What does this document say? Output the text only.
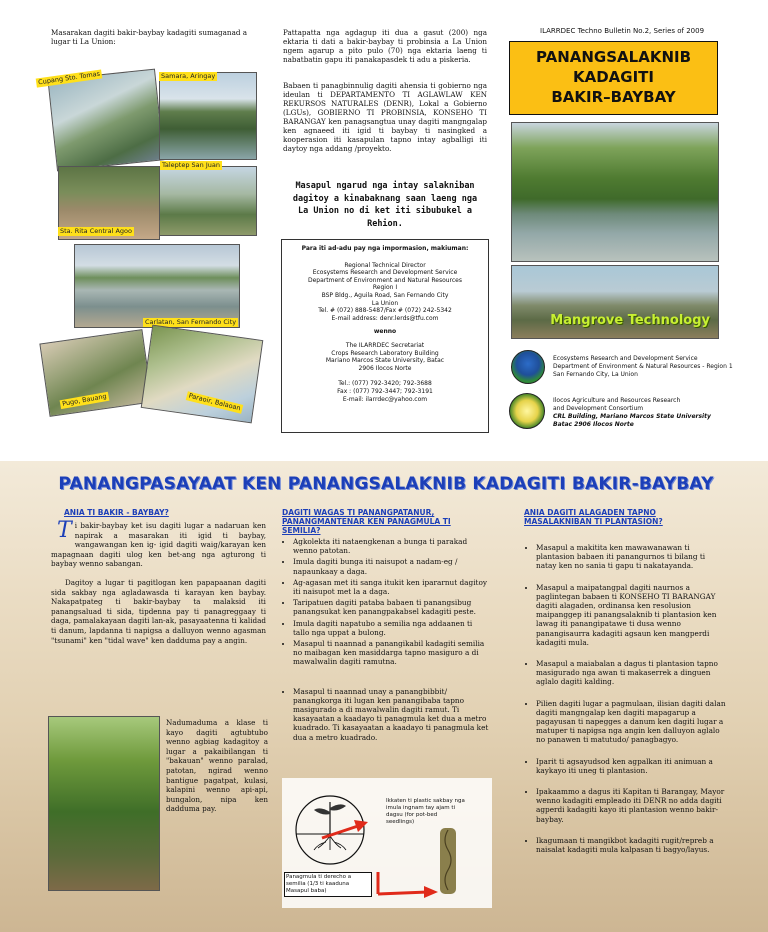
Masarakan dagiti bakir-baybay kadagiti sumaganad a lugar ti La Union:
Cupang Sto. Tomas	Samara, Aringay
Taleptep San Juan
Sta. Rita Central Agoo
Carlatan, San Fernando City
Pugo, Bauang	Paraoir, Balaoan
Pattapatta nga agdagup iti dua a gasut (200) nga ektaria ti dati a bakir-baybay ti probinsia a La Union ngem agarup a pito pulo (70) nga ektaria laeng ti nabatbatin gapu iti panakapasdek ti adu a piskeria.
Babaen ti panagbinnulig dagiti ahensia ti gobierno nga ideulan ti DEPARTAMENTO TI AGLAWLAW KEN REKURSOS NATURALES (DENR), Lokal a Gobierno (LGUs), GOBIERNO TI PROBINSIA, KONSEHO TI BARANGAY ken panagsangtua unay dagiti mangngalap ken agnaeed iti igid ti baybay ti nasingked a kooperasion iti kasapulan tapno intay agballigi iti daytoy nga addang /proyekto.
Masapul ngarud nga intay salakniban dagitoy a kinabaknang saan laeng nga La Union no di ket iti sibubukel a Rehion.
Para iti ad-adu pay nga impormasion, makiuman:
Regional Technical Director
Ecosystems Research and Development Service
Department of Environment and Natural Resources
Region I
BSP Bldg., Aguila Road, San Fernando City
La Union
Tel. # (072) 888-5487/Fax # (072) 242-5342
E-mail address: denr.lerds@tfu.com
wenno
The ILARRDEC Secretariat
Crops Research Laboratory Building
Mariano Marcos State University, Batac
2906 Ilocos Norte
Tel.: (077) 792-3420; 792-3688
Fax : (077) 792-3447; 792-3191
E-mail: ilarrdec@yahoo.com
ILARRDEC Techno Bulletin No.2, Series of 2009
PANANGSALAKNIB
KADAGITI
BAKIR–BAYBAY
Mangrove Technology
Ecosystems Research and Development Service
Department of Environment & Natural Resources - Region 1
San Fernando City, La Union
Ilocos Agriculture and Resources Research
and Development Consortium
CRL Building, Mariano Marcos State University
Batac 2906 Ilocos Norte
PANANGPASAYAAT KEN PANANGSALAKNIB KADAGITI BAKIR-BAYBAY
ANIA TI BAKIR - BAYBAY?
T i bakir-baybay ket isu dagiti lugar a nadaruan ken napirak a masarakan iti igid ti baybay, wangawangan ken ig- igid dagiti waig/karayan ken mapagnaan dagiti ulog ken bet-ang nga agturong ti baybay wenno sabangan.
Dagitoy a lugar ti pagitlogan ken papapaanan dagiti sida sakbay nga agladawasda ti karayan ken baybay. Nakapatpateg ti bakir-baybay ta malaksid iti panangsaluad ti sida, tipdenna pay ti panagreggaay ti daga, pamalakayaan dagiti lan-ak, pasayaatenna ti kalidad ti danum, lapdanna ti napigsa a dalluyon wenno agasman "tsunami" ken "tidal wave" ken dadduma pay a angin.
Nadumaduma a klase ti kayo dagiti agtubtubo wenno agbiag kadagitoy a lugar a pakaibilangan ti "bakauan" wenno paralad, patotan, ngirad wenno bantigue pagatpat, kulasi, kalapini wenno api-api, bungalon, nipa ken dadduma pay.
DAGITI WAGAS TI PANANGPATANUR, PANANGMANTENAR KEN PANAGMULA TI SEMILIA?
• Agkolekta iti nataengkenan a bunga ti parakad wenno patotan.
• Imula dagiti bunga iti naisupot a nadam-eg / napaunkaay a daga.
• Ag-agasan met iti sanga itukit ken ipararnut dagitoy iti naisupot met la a daga.
• Taripatuen dagiti pataba babaen ti panangsibug panangsukat ken panangpakabsel kadagiti peste.
• Imula dagiti napatubo a semilia nga addaanen ti tallo nga uppat a bulong.
• Masapul ti naannad a panangikabil kadagiti semilia no maibagan ken masiddarga tapno masiguro a di mawalwalin dagiti ramutna.
• Masapul ti naannad unay a panangbibbit/ panangkorga iti lugan ken panangibaba tapno masigurado a di mawalwalin dagiti ramut. Ti kasayaatan a kaadayo ti panagmula ket dua a metro kuadrado. Ti kasayaatan a kaadayo ti panagmula ket dua a metro kuadrado.
Ikkaten ti plastic sakbay nga imula ingnam tay ajam ti dagsu (for pot-bed seedlings)
Panagmula ti derecho a semilia (1/3 ti kaaduna Masapul baba)
ANIA DAGITI ALAGADEN TAPNO MASALAKNIBAN TI PLANTASION?
• Masapul a makitita ken mawawanawan ti plantasion babaen iti panangurnos ti bilang ti natay ken no sania ti gapu ti nakatayanda.
• Masapul a maipatangpal dagiti naurnos a paglintegan babaen ti KONSEHO TI BARANGAY dagiti alagaden, ordinansa ken resolusion maipanggep iti panangsalaknib ti plantasion ken lawag iti panangipatawe ti dusa wenno panangisaurra kadagiti agsaun ken mangperdi kadagiti mula.
• Masapul a maiabalan a dagus ti plantasion tapno masigurado nga awan ti makaserrek a dinguen aglalo dagiti kalding.
• Pilien dagiti lugar a pagmulaan, ilisian dagiti dalan dagiti mangngalap ken dagiti mapagarup a pagayusan ti napegges a danum ken dagiti lugar a matuper ti napigsa nga angin ken dalluyon aglalo no panawen ti matutudo/ panagbagyo.
• Iparit ti agsayudsod ken agpalkan iti animuan a kaykayo iti uneg ti plantasion.
• Ipakaammo a dagus iti Kapitan ti Barangay, Mayor wenno kadagiti empleado iti DENR no adda dagiti agperdi kadagiti kayo iti plantasion wenno bakir-baybay.
• Ikagumaan ti mangikbot kadagiti rugit/repreb a naisalat kadagiti mula kalpasan ti bagyo/layus.
